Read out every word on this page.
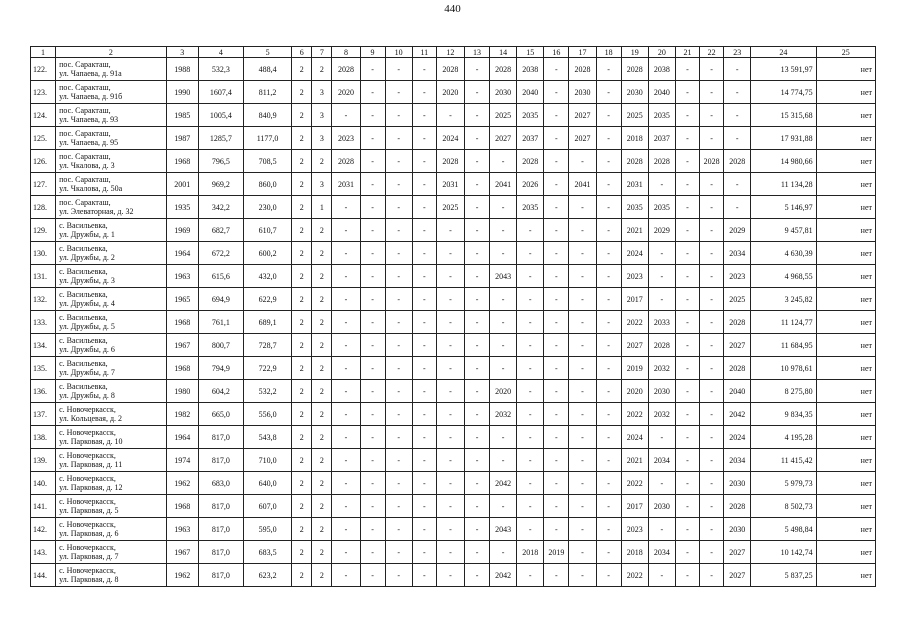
440
1	2	3	4	5	6	7	8	9	10	11	12	13	14	15	16	17	18	19	20	21	22	23	24	25
122.	пос. Саракташ,
ул. Чапаева, д. 91а	1988	532,3	488,4	2	2	2028	-	-	-	2028	-	2028	2038	-	2028	-	2028	2038	-	-	-	13 591,97	нет
123.	пос. Саракташ,
ул. Чапаева, д. 91б	1990	1607,4	811,2	2	3	2020	-	-	-	2020	-	2030	2040	-	2030	-	2030	2040	-	-	-	14 774,75	нет
124.	пос. Саракташ,
ул. Чапаева, д. 93	1985	1005,4	840,9	2	3	-	-	-	-	-	-	2025	2035	-	2027	-	2025	2035	-	-	-	15 315,68	нет
125.	пос. Саракташ,
ул. Чапаева, д. 95	1987	1285,7	1177,0	2	3	2023	-	-	-	2024	-	2027	2037	-	2027	-	2018	2037	-	-	-	17 931,88	нет
126.	пос. Саракташ,
ул. Чкалова, д. 3	1968	796,5	708,5	2	2	2028	-	-	-	2028	-	-	2028	-	-	-	2028	2028	-	2028	2028	14 980,66	нет
127.	пос. Саракташ,
ул. Чкалова, д. 50а	2001	969,2	860,0	2	3	2031	-	-	-	2031	-	2041	2026	-	2041	-	2031	-	-	-	-	11 134,28	нет
128.	пос. Саракташ,
ул. Элеваторная, д. 32	1935	342,2	230,0	2	1	-	-	-	-	2025	-	-	2035	-	-	-	2035	2035	-	-	-	5 146,97	нет
129.	с. Васильевка,
ул. Дружбы, д. 1	1969	682,7	610,7	2	2	-	-	-	-	-	-	-	-	-	-	-	2021	2029	-	-	2029	9 457,81	нет
130.	с. Васильевка,
ул. Дружбы, д. 2	1964	672,2	600,2	2	2	-	-	-	-	-	-	-	-	-	-	-	2024	-	-	-	2034	4 630,39	нет
131.	с. Васильевка,
ул. Дружбы, д. 3	1963	615,6	432,0	2	2	-	-	-	-	-	-	2043	-	-	-	-	2023	-	-	-	2023	4 968,55	нет
132.	с. Васильевка,
ул. Дружбы, д. 4	1965	694,9	622,9	2	2	-	-	-	-	-	-	-	-	-	-	-	2017	-	-	-	2025	3 245,82	нет
133.	с. Васильевка,
ул. Дружбы, д. 5	1968	761,1	689,1	2	2	-	-	-	-	-	-	-	-	-	-	-	2022	2033	-	-	2028	11 124,77	нет
134.	с. Васильевка,
ул. Дружбы, д. 6	1967	800,7	728,7	2	2	-	-	-	-	-	-	-	-	-	-	-	2027	2028	-	-	2027	11 684,95	нет
135.	с. Васильевка,
ул. Дружбы, д. 7	1968	794,9	722,9	2	2	-	-	-	-	-	-	-	-	-	-	-	2019	2032	-	-	2028	10 978,61	нет
136.	с. Васильевка,
ул. Дружбы, д. 8	1980	604,2	532,2	2	2	-	-	-	-	-	-	2020	-	-	-	-	2020	2030	-	-	2040	8 275,80	нет
137.	с. Новочеркасск,
ул. Кольцевая, д. 2	1982	665,0	556,0	2	2	-	-	-	-	-	-	2032	-	-	-	-	2022	2032	-	-	2042	9 834,35	нет
138.	с. Новочеркасск,
ул. Парковая, д. 10	1964	817,0	543,8	2	2	-	-	-	-	-	-	-	-	-	-	-	2024	-	-	-	2024	4 195,28	нет
139.	с. Новочеркасск,
ул. Парковая, д. 11	1974	817,0	710,0	2	2	-	-	-	-	-	-	-	-	-	-	-	2021	2034	-	-	2034	11 415,42	нет
140.	с. Новочеркасск,
ул. Парковая, д. 12	1962	683,0	640,0	2	2	-	-	-	-	-	-	2042	-	-	-	-	2022	-	-	-	2030	5 979,73	нет
141.	с. Новочеркасск,
ул. Парковая, д. 5	1968	817,0	607,0	2	2	-	-	-	-	-	-	-	-	-	-	-	2017	2030	-	-	2028	8 502,73	нет
142.	с. Новочеркасск,
ул. Парковая, д. 6	1963	817,0	595,0	2	2	-	-	-	-	-	-	2043	-	-	-	-	2023	-	-	-	2030	5 498,84	нет
143.	с. Новочеркасск,
ул. Парковая, д. 7	1967	817,0	683,5	2	2	-	-	-	-	-	-	-	2018	2019	-	-	2018	2034	-	-	2027	10 142,74	нет
144.	с. Новочеркасск,
ул. Парковая, д. 8	1962	817,0	623,2	2	2	-	-	-	-	-	-	2042	-	-	-	-	2022	-	-	-	2027	5 837,25	нет
